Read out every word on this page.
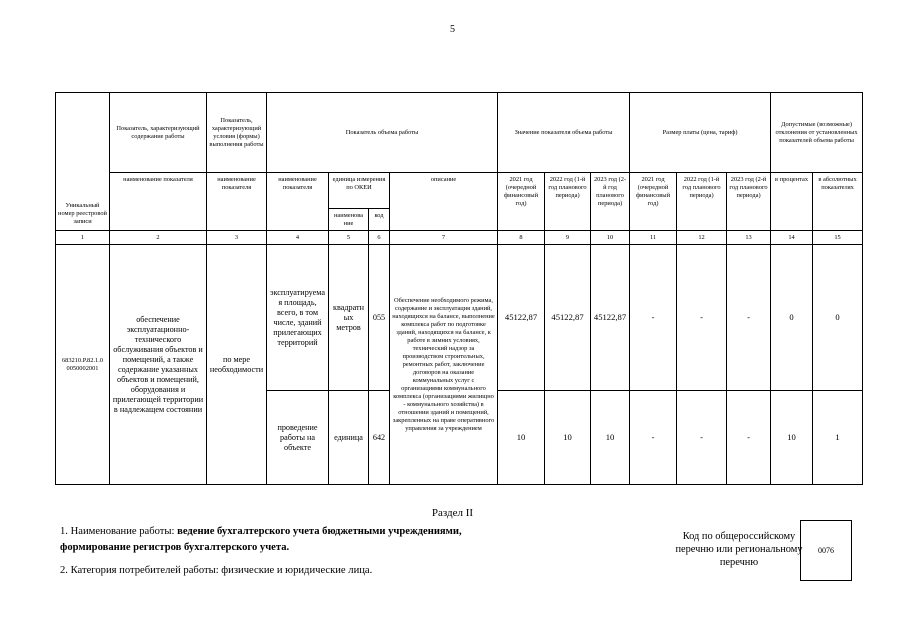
5
Уникальный номер реестровой записи	Показатель, характеризующий содержание работы	Показатель, характеризующий условия (формы) выполнения работы	Показатель объема работы				Значение показателя объема работы			Размер платы (цена, тариф)			Допустимые (возможные) отклонения от установленных показателей объема работы	
	наименование показателя	наименование показателя	наименование показателя	единица измерения по ОКЕИ		описание	2021 год (очередной финансовый год)	2022 год (1-й год планового периода)	2023 год (2-й год планового периода)	2021 год (очередной финансовый год)	2022 год (1-й год планового периода)	2023 год (2-й год планового периода)	в процентах	в абсолютных показателях
				наименова ние	код									
1	2	3	4	5	6	7	8	9	10	11	12	13	14	15
683210.Р.82.1.0 0050002001	обеспечение эксплуатационно-технического обслуживания объектов и помещений, а также содержание указанных объектов и помещений, оборудования и прилегающей территории в надлежащем состоянии	по мере необходимости	эксплуатируемая площадь, всего, в том числе, зданий прилегающих территорий	квадратных метров	055	Обеспечение необходимого режима, содержание и эксплуатация зданий, находящихся на балансе, выполнение комплекса работ по подготовке зданий, находящихся на балансе, к работе в зимних условиях, технический надзор за производством строительных, ремонтных работ, заключение договоров на оказание коммунальных услуг с организациями коммунального комплекса (организациями жилищно - коммунального хозяйства) в отношении зданий и помещений, закрепленных на праве оперативного управления за учреждением	45122,87	45122,87	45122,87	-	-	-	0	0
			проведение работы на объекте	единица	642		10	10	10	-	-	-	10	1
Раздел II
1. Наименование работы: ведение бухгалтерского учета бюджетными учреждениями, формирование регистров бухгалтерского учета.
2. Категория потребителей работы: физические и юридические лица.
Код по общероссийскому перечню или региональному перечню
0076
